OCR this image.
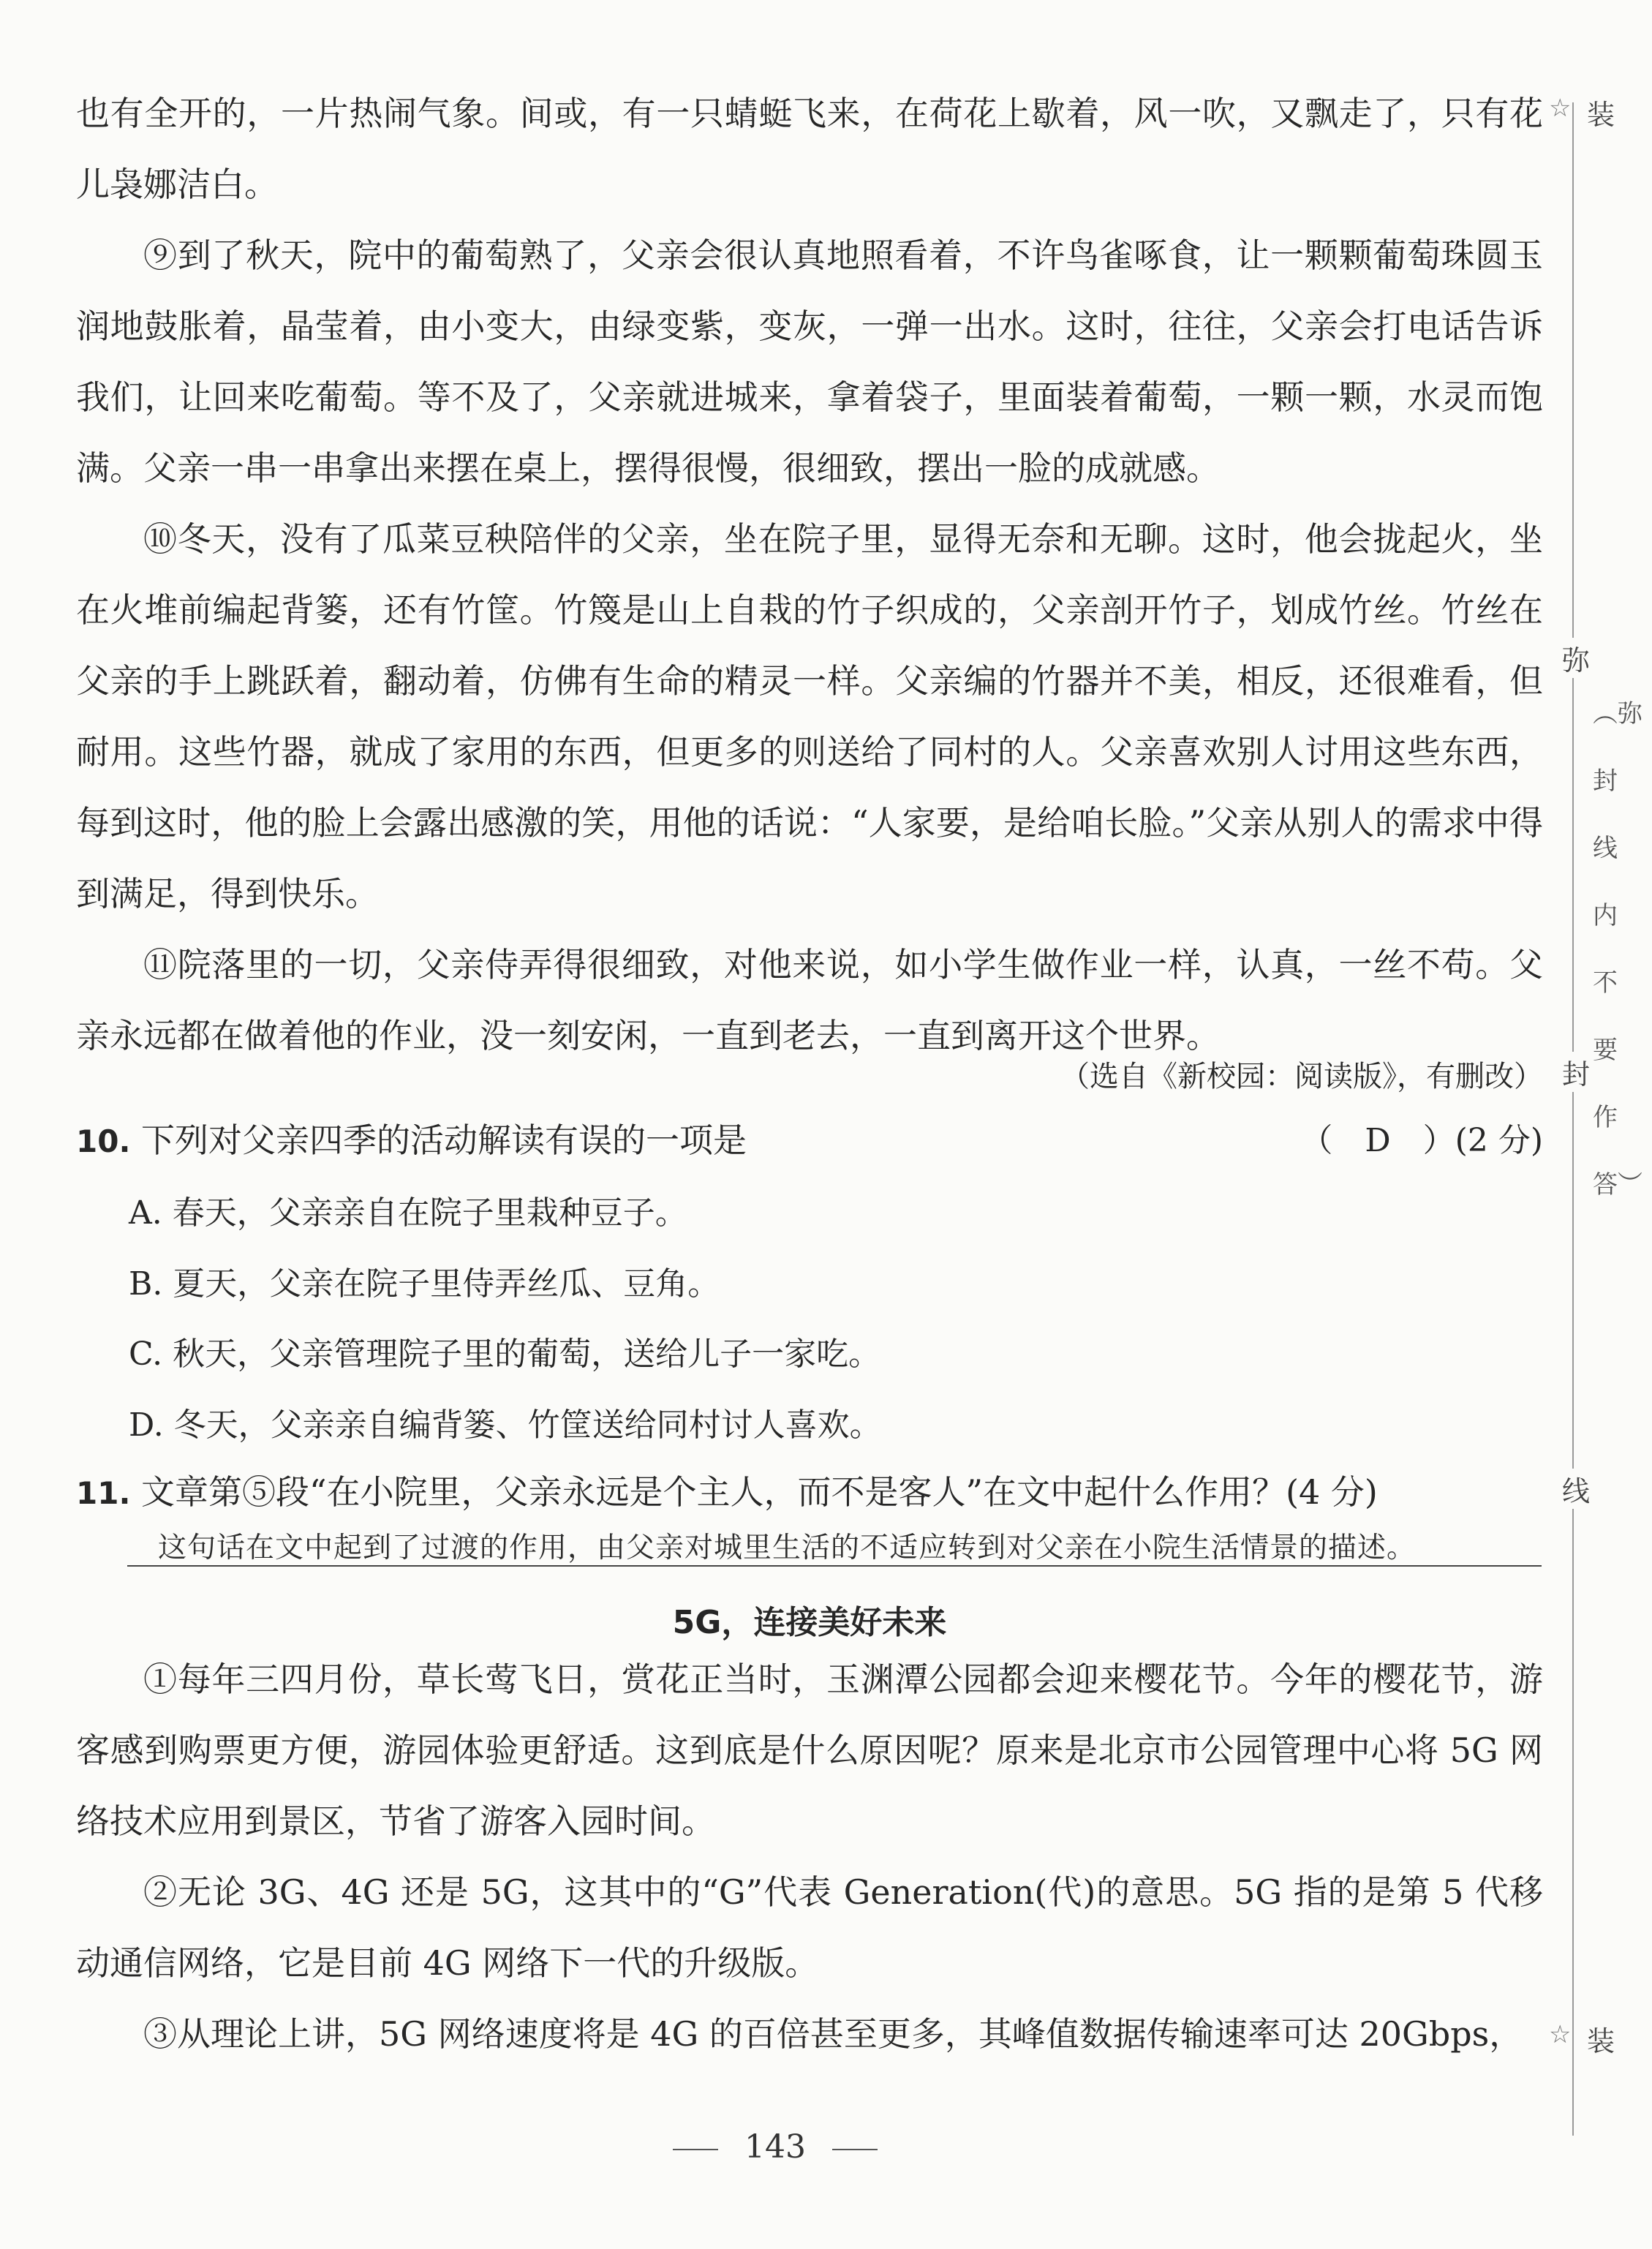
也有全开的，一片热闹气象。间或，有一只蜻蜓飞来，在荷花上歇着，风一吹，又飘走了，只有花儿袅娜洁白。

⑨到了秋天，院中的葡萄熟了，父亲会很认真地照看着，不许鸟雀啄食，让一颗颗葡萄珠圆玉润地鼓胀着，晶莹着，由小变大，由绿变紫，变灰，一弹一出水。这时，往往，父亲会打电话告诉我们，让回来吃葡萄。等不及了，父亲就进城来，拿着袋子，里面装着葡萄，一颗一颗，水灵而饱满。父亲一串一串拿出来摆在桌上，摆得很慢，很细致，摆出一脸的成就感。

⑩冬天，没有了瓜菜豆秧陪伴的父亲，坐在院子里，显得无奈和无聊。这时，他会拢起火，坐在火堆前编起背篓，还有竹筐。竹篾是山上自栽的竹子织成的，父亲剖开竹子，划成竹丝。竹丝在父亲的手上跳跃着，翻动着，仿佛有生命的精灵一样。父亲编的竹器并不美，相反，还很难看，但耐用。这些竹器，就成了家用的东西，但更多的则送给了同村的人。父亲喜欢别人讨用这些东西，每到这时，他的脸上会露出感激的笑，用他的话说：“人家要，是给咱长脸。”父亲从别人的需求中得到满足，得到快乐。

⑪院落里的一切，父亲侍弄得很细致，对他来说，如小学生做作业一样，认真，一丝不苟。父亲永远都在做着他的作业，没一刻安闲，一直到老去，一直到离开这个世界。

（选自《新校园：阅读版》，有删改）
10. 下列对父亲四季的活动解读有误的一项是	（　D　）(2 分)
A. 春天，父亲亲自在院子里栽种豆子。
B. 夏天，父亲在院子里侍弄丝瓜、豆角。
C. 秋天，父亲管理院子里的葡萄，送给儿子一家吃。
D. 冬天，父亲亲自编背篓、竹筐送给同村讨人喜欢。
11. 文章第⑤段“在小院里，父亲永远是个主人，而不是客人”在文中起什么作用？(4 分)
这句话在文中起到了过渡的作用，由父亲对城里生活的不适应转到对父亲在小院生活情景的描述。
5G，连接美好未来

①每年三四月份，草长莺飞日，赏花正当时，玉渊潭公园都会迎来樱花节。今年的樱花节，游客感到购票更方便，游园体验更舒适。这到底是什么原因呢？原来是北京市公园管理中心将 5G 网络技术应用到景区，节省了游客入园时间。

②无论 3G、4G 还是 5G，这其中的“G”代表 Generation(代)的意思。5G 指的是第 5 代移动通信网络，它是目前 4G 网络下一代的升级版。

③从理论上讲，5G 网络速度将是 4G 的百倍甚至更多，其峰值数据传输速率可达 20Gbps，

143
☆ 装
弥
封
线
︵弥封线内不要作答︶
☆ 装
